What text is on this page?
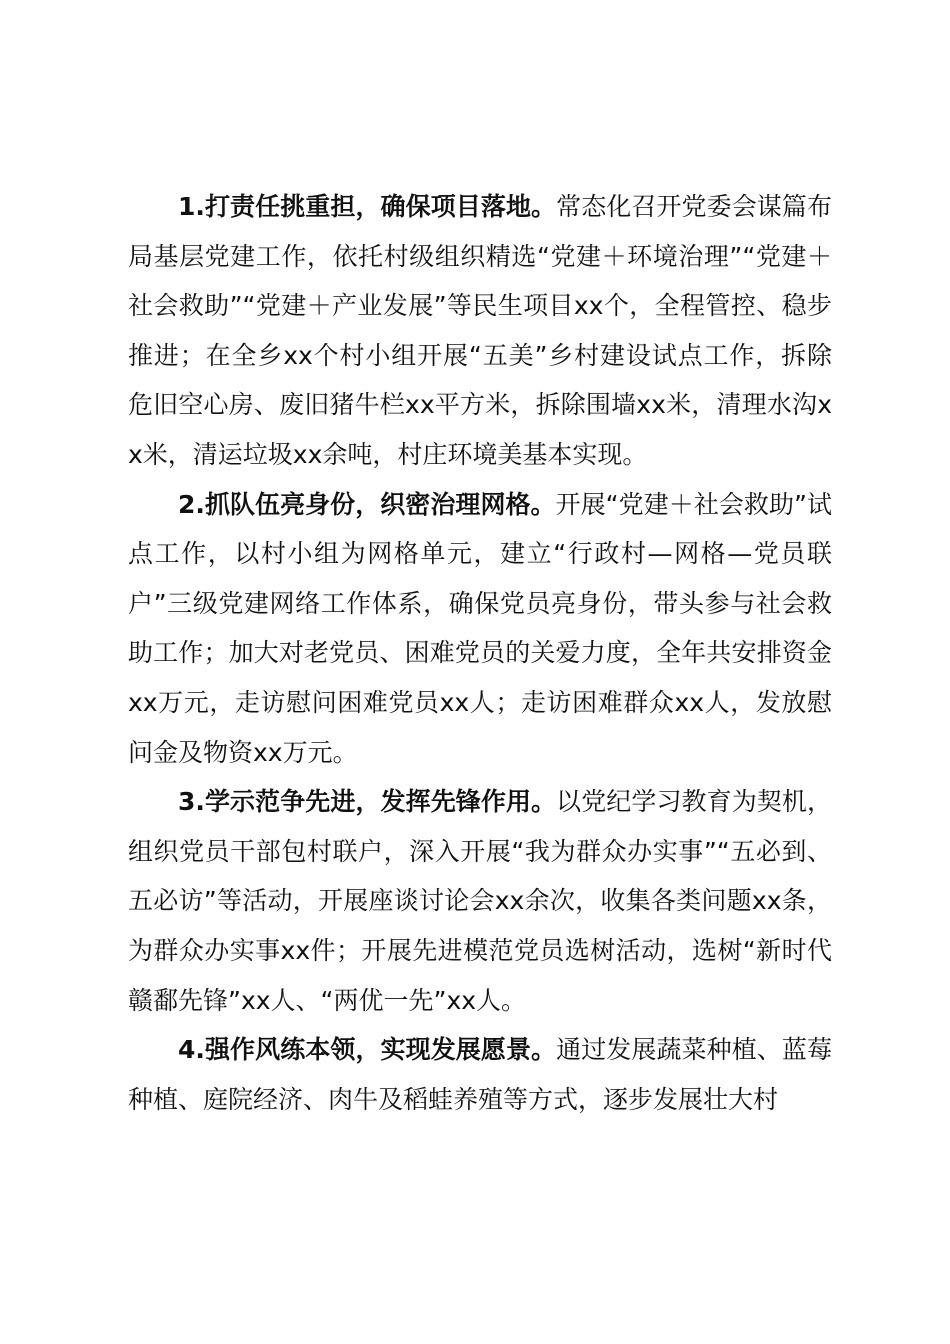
1.打责任挑重担，确保项目落地。常态化召开党委会谋篇布局基层党建工作，依托村级组织精选“党建＋环境治理”“党建＋社会救助”“党建＋产业发展”等民生项目xx个，全程管控、稳步推进；在全乡xx个村小组开展“五美”乡村建设试点工作，拆除危旧空心房、废旧猪牛栏xx平方米，拆除围墙xx米，清理水沟xx米，清运垃圾xx余吨，村庄环境美基本实现。

2.抓队伍亮身份，织密治理网格。开展“党建＋社会救助”试点工作，以村小组为网格单元，建立“行政村—网格—党员联户”三级党建网络工作体系，确保党员亮身份，带头参与社会救助工作；加大对老党员、困难党员的关爱力度，全年共安排资金xx万元，走访慰问困难党员xx人；走访困难群众xx人，发放慰问金及物资xx万元。

3.学示范争先进，发挥先锋作用。以党纪学习教育为契机，组织党员干部包村联户，深入开展“我为群众办实事”“五必到、五必访”等活动，开展座谈讨论会xx余次，收集各类问题xx条，为群众办实事xx件；开展先进模范党员选树活动，选树“新时代赣鄱先锋”xx人、“两优一先”xx人。

4.强作风练本领，实现发展愿景。通过发展蔬菜种植、蓝莓种植、庭院经济、肉牛及稻蛙养殖等方式，逐步发展壮大村
